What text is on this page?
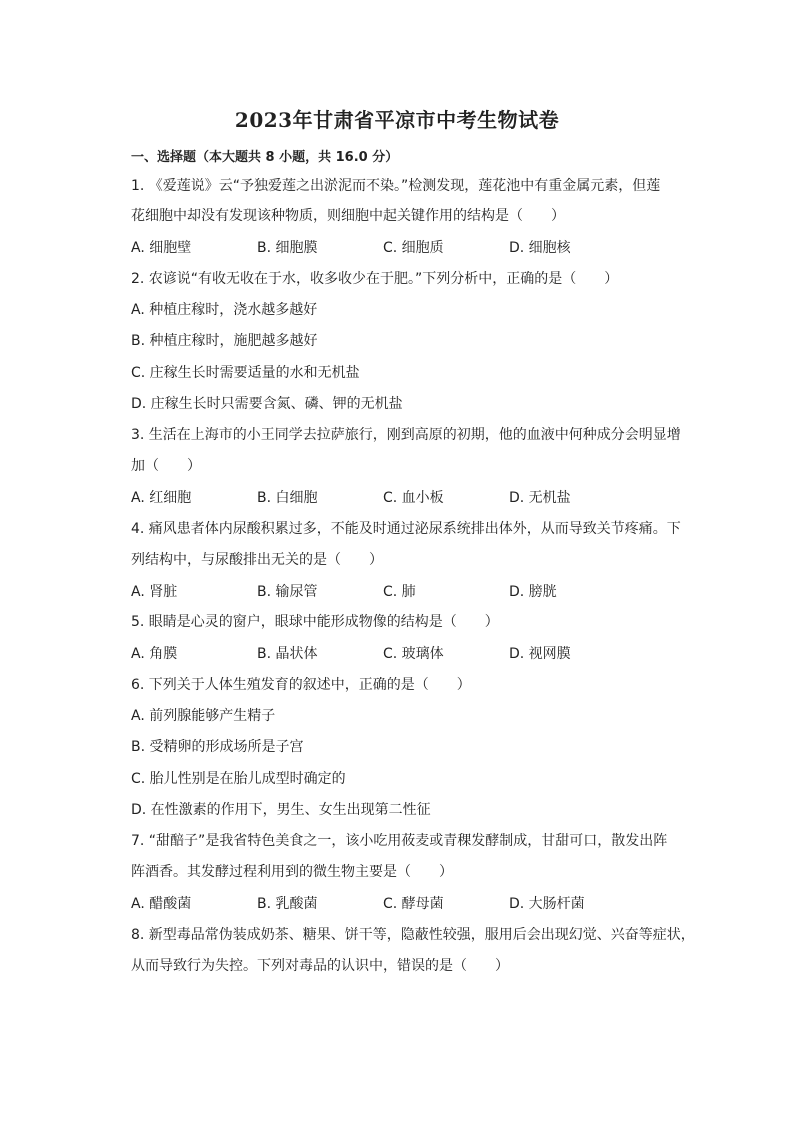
2023年甘肃省平凉市中考生物试卷
一、选择题（本大题共 8 小题，共 16.0 分）
1. 《爱莲说》云“予独爱莲之出淤泥而不染。”检测发现，莲花池中有重金属元素，但莲
花细胞中却没有发现该种物质，则细胞中起关键作用的结构是（　　）
A. 细胞壁	B. 细胞膜	C. 细胞质	D. 细胞核
2. 农谚说“有收无收在于水，收多收少在于肥。”下列分析中，正确的是（　　）
A. 种植庄稼时，浇水越多越好
B. 种植庄稼时，施肥越多越好
C. 庄稼生长时需要适量的水和无机盐
D. 庄稼生长时只需要含氮、磷、钾的无机盐
3. 生活在上海市的小王同学去拉萨旅行，刚到高原的初期，他的血液中何种成分会明显增
加（　　）
A. 红细胞	B. 白细胞	C. 血小板	D. 无机盐
4. 痛风患者体内尿酸积累过多，不能及时通过泌尿系统排出体外，从而导致关节疼痛。下
列结构中，与尿酸排出无关的是（　　）
A. 肾脏	B. 输尿管	C. 肺	D. 膀胱
5. 眼睛是心灵的窗户，眼球中能形成物像的结构是（　　）
A. 角膜	B. 晶状体	C. 玻璃体	D. 视网膜
6. 下列关于人体生殖发育的叙述中，正确的是（　　）
A. 前列腺能够产生精子
B. 受精卵的形成场所是子宫
C. 胎儿性别是在胎儿成型时确定的
D. 在性激素的作用下，男生、女生出现第二性征
7. “甜醅子”是我省特色美食之一，该小吃用莜麦或青稞发酵制成，甘甜可口，散发出阵
阵酒香。其发酵过程利用到的微生物主要是（　　）
A. 醋酸菌	B. 乳酸菌	C. 酵母菌	D. 大肠杆菌
8. 新型毒品常伪装成奶茶、糖果、饼干等，隐蔽性较强，服用后会出现幻觉、兴奋等症状，
从而导致行为失控。下列对毒品的认识中，错误的是（　　）
